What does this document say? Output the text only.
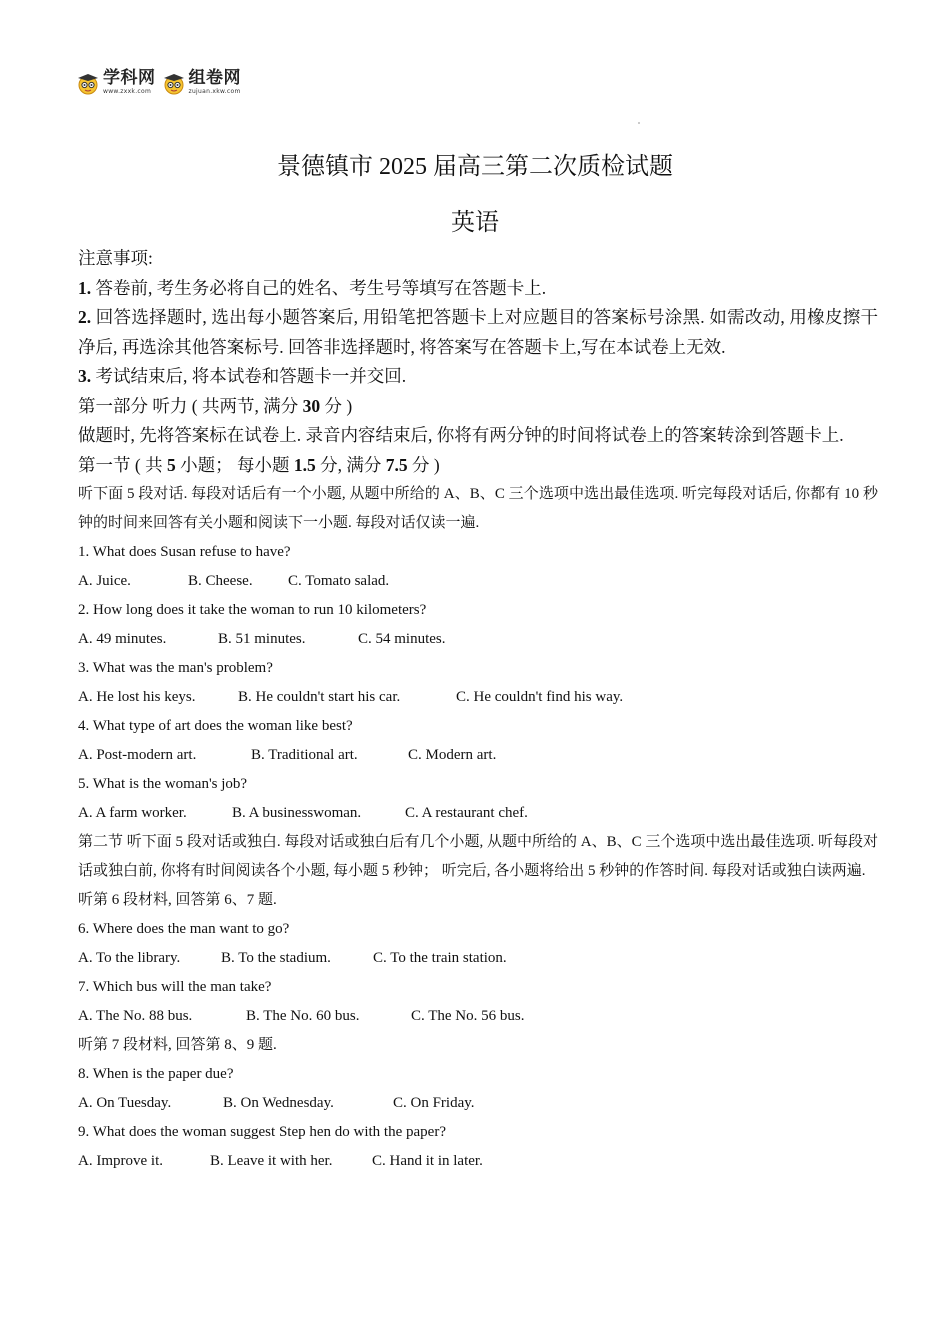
学科网
www.zxxk.com
组卷网
zujuan.xkw.com
景德镇市 2025 届高三第二次质检试题
英语
注意事项:
1. 答卷前, 考生务必将自己的姓名、考生号等填写在答题卡上.
2. 回答选择题时, 选出每小题答案后, 用铅笔把答题卡上对应题目的答案标号涂黑. 如需改动, 用橡皮擦干净后, 再选涂其他答案标号. 回答非选择题时, 将答案写在答题卡上,写在本试卷上无效.
3. 考试结束后, 将本试卷和答题卡一并交回.
第一部分 听力 ( 共两节, 满分 30 分 )
做题时, 先将答案标在试卷上. 录音内容结束后, 你将有两分钟的时间将试卷上的答案转涂到答题卡上.
第一节 ( 共 5 小题； 每小题 1.5 分, 满分 7.5 分 )
听下面 5 段对话. 每段对话后有一个小题, 从题中所给的 A、B、C 三个选项中选出最佳选项. 听完每段对话后, 你都有 10 秒钟的时间来回答有关小题和阅读下一小题. 每段对话仅读一遍.
1. What does Susan refuse to have?
A. Juice.	B. Cheese. C. Tomato salad.
2. How long does it take the woman to run 10 kilometers?
A. 49 minutes.	B. 51 minutes.	C. 54 minutes.
3. What was the man's problem?
A. He lost his keys.	B. He couldn't start his car.	C. He couldn't find his way.
4. What type of art does the woman like best?
A. Post-modern art.	B. Traditional art.	C. Modern art.
5. What is the woman's job?
A. A farm worker.	B. A businesswoman.	C. A restaurant chef.
第二节 听下面 5 段对话或独白. 每段对话或独白后有几个小题, 从题中所给的 A、B、C 三个选项中选出最佳选项. 听每段对话或独白前, 你将有时间阅读各个小题, 每小题 5 秒钟； 听完后, 各小题将给出 5 秒钟的作答时间. 每段对话或独白读两遍.
听第 6 段材料, 回答第 6、7 题.
6. Where does the man want to go?
A. To the library.	B. To the stadium.	C. To the train station.
7. Which bus will the man take?
A. The No. 88 bus.	B. The No. 60 bus.	C. The No. 56 bus.
听第 7 段材料, 回答第 8、9 题.
8. When is the paper due?
A. On Tuesday.	B. On Wednesday.	C. On Friday.
9. What does the woman suggest Step hen do with the paper?
A. Improve it.	B. Leave it with her.	C. Hand it in later.
